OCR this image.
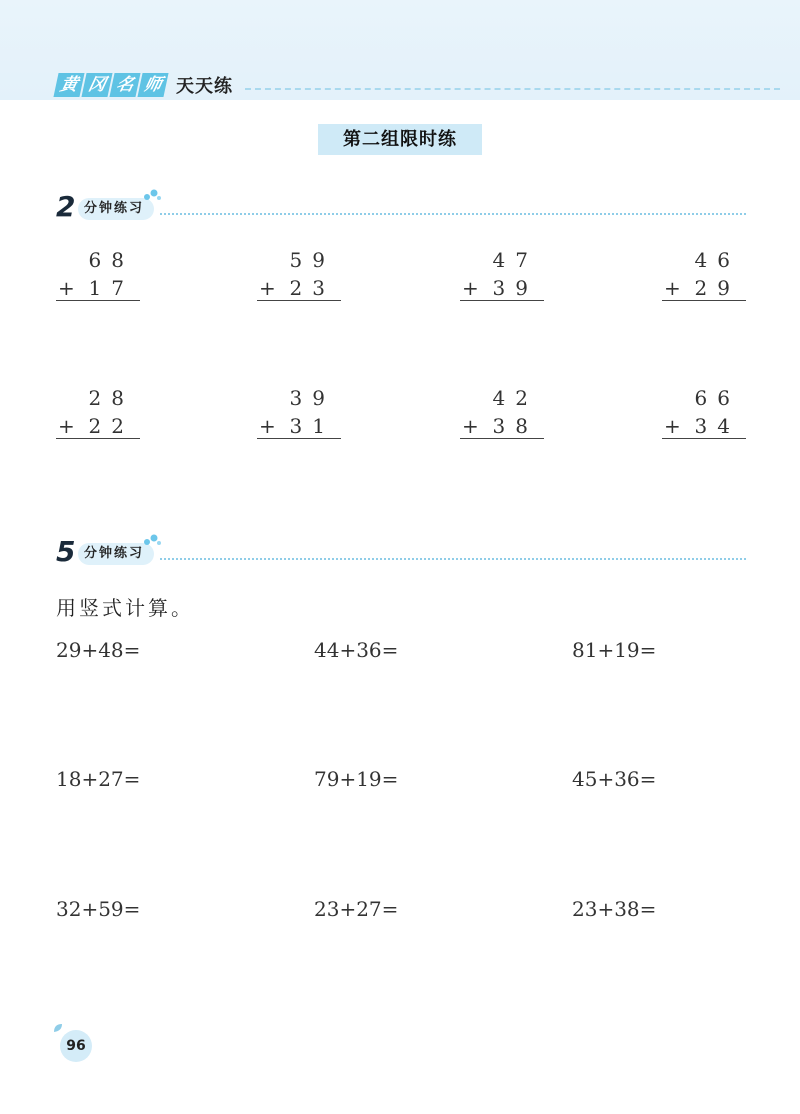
黄 冈 名 师 天天练
第二组限时练
2 分钟练习
68
+ 17
59
+ 23
47
+ 39
46
+ 29
28
+ 22
39
+ 31
42
+ 38
66
+ 34
5 分钟练习
用竖式计算。
29+48=	44+36=	81+19=
18+27=	79+19=	45+36=
32+59=	23+27=	23+38=
96
